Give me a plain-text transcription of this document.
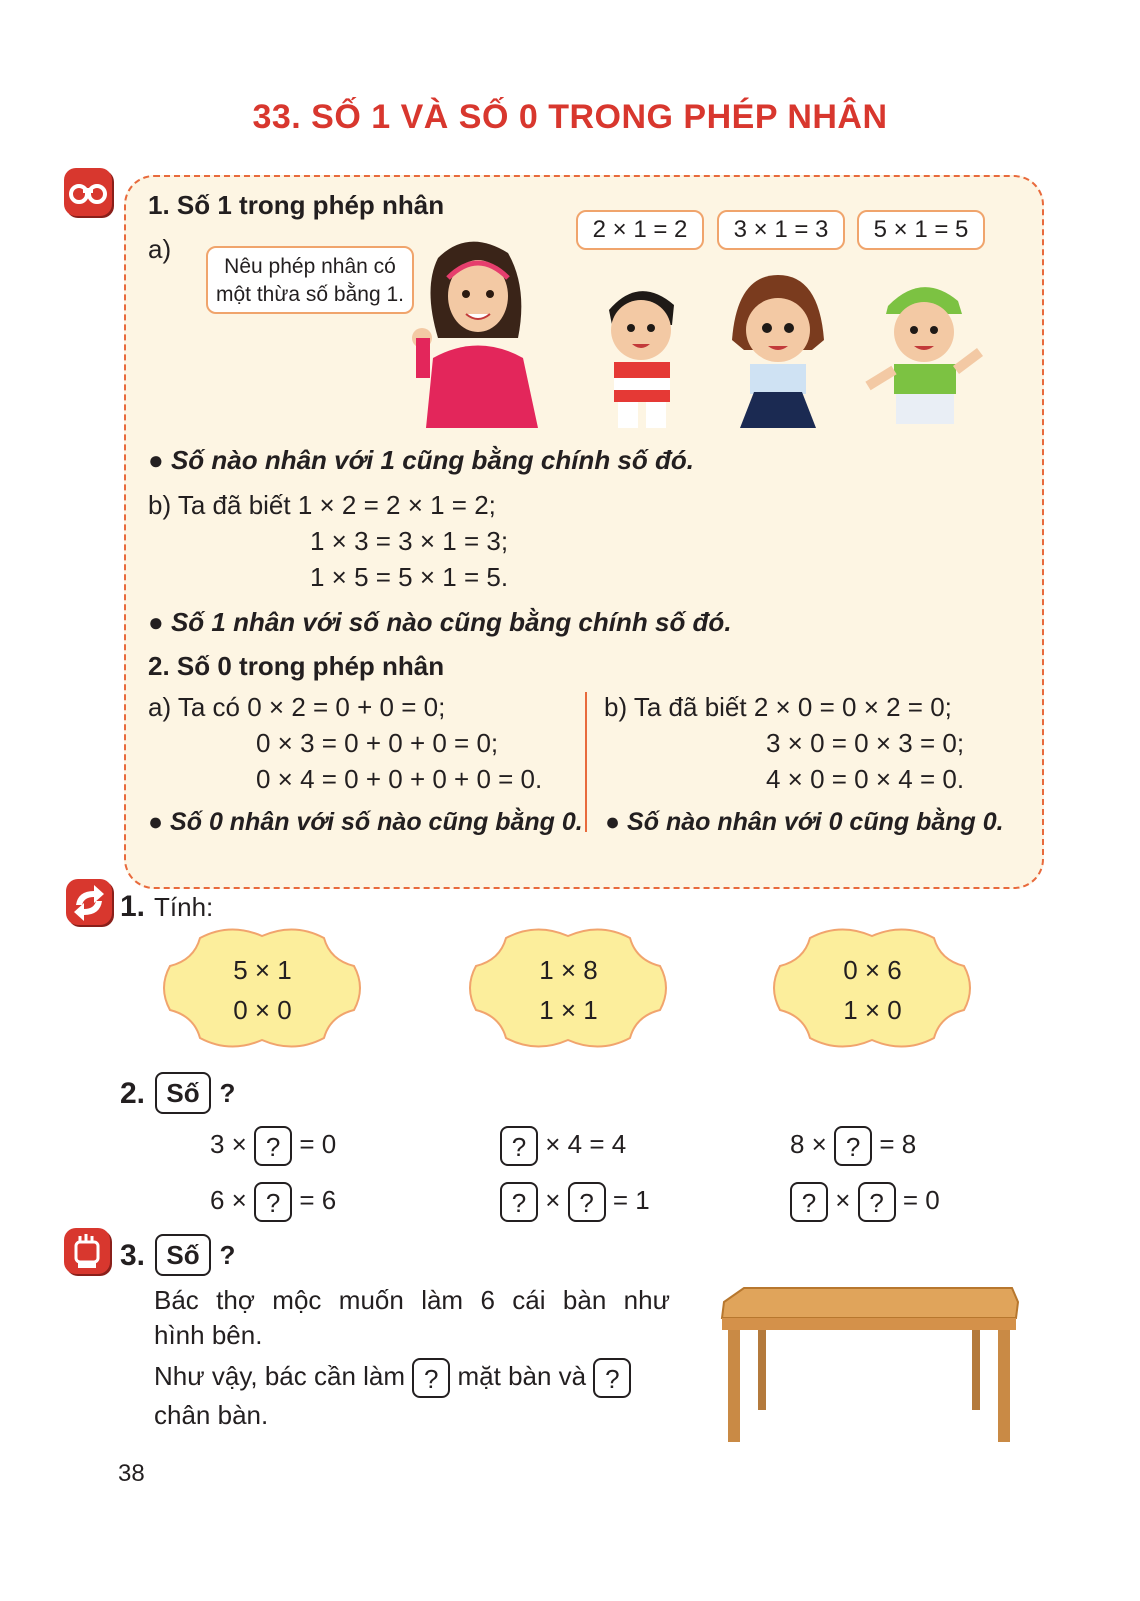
33. SỐ 1 VÀ SỐ 0 TRONG PHÉP NHÂN
1. Số 1 trong phép nhân
a)
Nêu phép nhân có
một thừa số bằng 1.
2 × 1 = 2	3 × 1 = 3	5 × 1 = 5
● Số nào nhân với 1 cũng bằng chính số đó.
b) Ta đã biết 1 × 2 = 2 × 1 = 2;
1 × 3 = 3 × 1 = 3;
1 × 5 = 5 × 1 = 5.
● Số 1 nhân với số nào cũng bằng chính số đó.
2. Số 0 trong phép nhân
a) Ta có 0 × 2 = 0 + 0 = 0;
0 × 3 = 0 + 0 + 0 = 0;
0 × 4 = 0 + 0 + 0 + 0 = 0.
b) Ta đã biết 2 × 0 = 0 × 2 = 0;
3 × 0 = 0 × 3 = 0;
4 × 0 = 0 × 4 = 0.
● Số 0 nhân với số nào cũng bằng 0. ● Số nào nhân với 0 cũng bằng 0.
1. Tính:
5 × 1
0 × 0
1 × 8
1 × 1
0 × 6
1 × 0
2. Số ?
3 × ? = 0	? × 4 = 4	8 × ? = 8
6 × ? = 6	? × ? = 1	? × ? = 0
3. Số ?
Bác thợ mộc muốn làm 6 cái bàn như
hình bên.
Như vậy, bác cần làm ? mặt bàn và ?
chân bàn.
38
